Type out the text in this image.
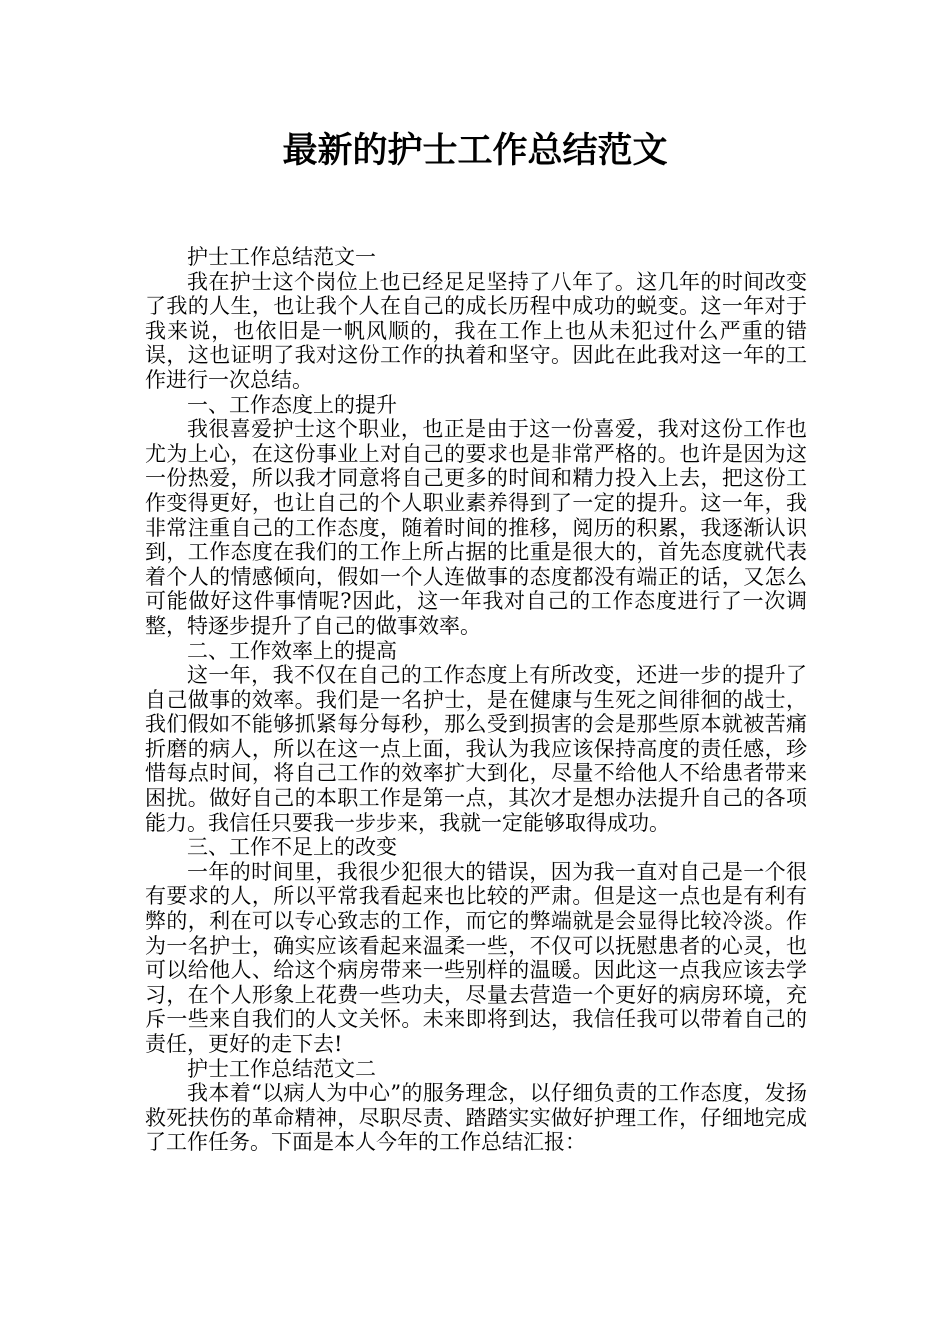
最新的护士工作总结范文

护士工作总结范文一

我在护士这个岗位上也已经足足坚持了八年了。这几年的时间改变了我的人生，也让我个人在自己的成长历程中成功的蜕变。这一年对于我来说，也依旧是一帆风顺的，我在工作上也从未犯过什么严重的错误，这也证明了我对这份工作的执着和坚守。因此在此我对这一年的工作进行一次总结。

一、工作态度上的提升

我很喜爱护士这个职业，也正是由于这一份喜爱，我对这份工作也尤为上心，在这份事业上对自己的要求也是非常严格的。也许是因为这一份热爱，所以我才同意将自己更多的时间和精力投入上去，把这份工作变得更好，也让自己的个人职业素养得到了一定的提升。这一年，我非常注重自己的工作态度，随着时间的推移，阅历的积累，我逐渐认识到，工作态度在我们的工作上所占据的比重是很大的，首先态度就代表着个人的情感倾向，假如一个人连做事的态度都没有端正的话，又怎么可能做好这件事情呢?因此，这一年我对自己的工作态度进行了一次调整，特逐步提升了自己的做事效率。

二、工作效率上的提高

这一年，我不仅在自己的工作态度上有所改变，还进一步的提升了自己做事的效率。我们是一名护士，是在健康与生死之间徘徊的战士，我们假如不能够抓紧每分每秒，那么受到损害的会是那些原本就被苦痛折磨的病人，所以在这一点上面，我认为我应该保持高度的责任感，珍惜每点时间，将自己工作的效率扩大到化，尽量不给他人不给患者带来困扰。做好自己的本职工作是第一点，其次才是想办法提升自己的各项能力。我信任只要我一步步来，我就一定能够取得成功。

三、工作不足上的改变

一年的时间里，我很少犯很大的错误，因为我一直对自己是一个很有要求的人，所以平常我看起来也比较的严肃。但是这一点也是有利有弊的，利在可以专心致志的工作，而它的弊端就是会显得比较冷淡。作为一名护士，确实应该看起来温柔一些，不仅可以抚慰患者的心灵，也可以给他人、给这个病房带来一些别样的温暖。因此这一点我应该去学习，在个人形象上花费一些功夫，尽量去营造一个更好的病房环境，充斥一些来自我们的人文关怀。未来即将到达，我信任我可以带着自己的责任，更好的走下去!

护士工作总结范文二

我本着“以病人为中心”的服务理念，以仔细负责的工作态度，发扬救死扶伤的革命精神，尽职尽责、踏踏实实做好护理工作，仔细地完成了工作任务。下面是本人今年的工作总结汇报：
